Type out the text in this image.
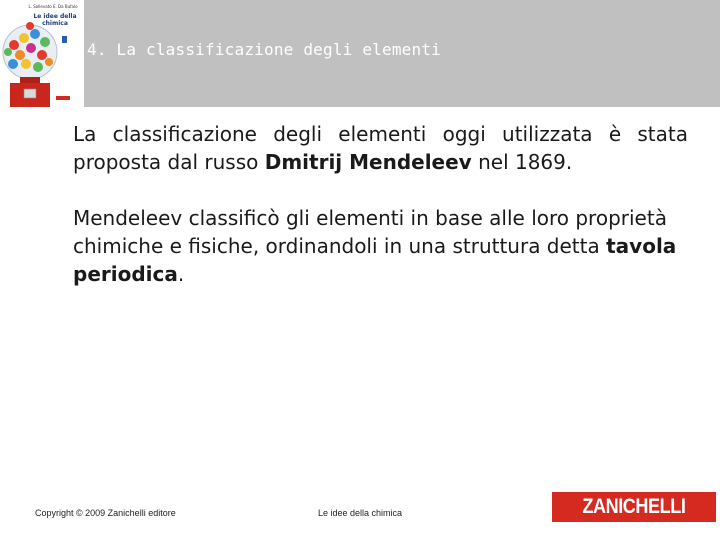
L. Sollevato E. Da Bufalo
Le idee della chimica
4. La classificazione degli elementi

La classificazione degli elementi oggi utilizzata è stata proposta dal russo Dmitrij Mendeleev nel 1869.

Mendeleev classificò gli elementi in base alle loro proprietà chimiche e fisiche, ordinandoli in una struttura detta tavola periodica.

Copyright © 2009 Zanichelli editore	Le idee della chimica	ZANICHELLI
